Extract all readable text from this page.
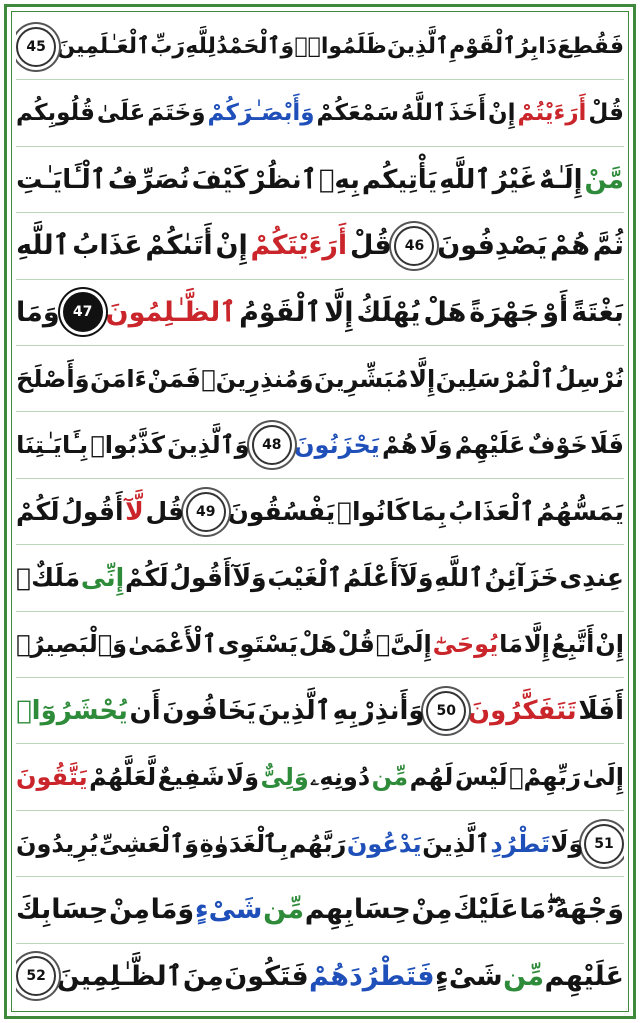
فَقُطِعَ
دَابِرُ
ٱلْقَوْمِ
ٱلَّذِينَ
ظَلَمُوا۟ۚ
وَٱلْحَمْدُ
لِلَّهِ
رَبِّ
ٱلْعَـٰلَمِينَ
45
قُلْ
أَرَءَيْتُمْ
إِنْ
أَخَذَ
ٱللَّهُ
سَمْعَكُمْ
وَأَبْصَـٰرَكُمْ
وَخَتَمَ
عَلَىٰ
قُلُوبِكُم
مَّنْ
إِلَـٰهٌ
غَيْرُ
ٱللَّهِ
يَأْتِيكُم
بِهِۗ
ٱنظُرْ
كَيْفَ
نُصَرِّفُ
ٱلْـَٔايَـٰتِ
ثُمَّ
هُمْ
يَصْدِفُونَ
46
قُلْ
أَرَءَيْتَكُمْ
إِنْ
أَتَىٰكُمْ
عَذَابُ
ٱللَّهِ
بَغْتَةً
أَوْ
جَهْرَةً
هَلْ
يُهْلَكُ
إِلَّا
ٱلْقَوْمُ
ٱلظَّـٰلِمُونَ
47
وَمَا
نُرْسِلُ
ٱلْمُرْسَلِينَ
إِلَّا
مُبَشِّرِينَ
وَمُنذِرِينَۖ
فَمَنْ
ءَامَنَ
وَأَصْلَحَ
فَلَا
خَوْفٌ
عَلَيْهِمْ
وَلَا
هُمْ
يَحْزَنُونَ
48
وَٱلَّذِينَ
كَذَّبُوا۟
بِـَٔايَـٰتِنَا
يَمَسُّهُمُ
ٱلْعَذَابُ
بِمَا
كَانُوا۟
يَفْسُقُونَ
49
قُل
لَّآ
أَقُولُ
لَكُمْ
عِندِى
خَزَآئِنُ
ٱللَّهِ
وَلَآ
أَعْلَمُ
ٱلْغَيْبَ
وَلَآ
أَقُولُ
لَكُمْ
إِنِّى
مَلَكٌۖ
إِنْ
أَتَّبِعُ
إِلَّا
مَا
يُوحَىٰٓ
إِلَىَّۚ
قُلْ
هَلْ
يَسْتَوِى
ٱلْأَعْمَىٰ
وَٱلْبَصِيرُۚ
أَفَلَا
تَتَفَكَّرُونَ
50
وَأَنذِرْ
بِهِ
ٱلَّذِينَ
يَخَافُونَ
أَن
يُحْشَرُوٓا۟
إِلَىٰ
رَبِّهِمْۙ
لَيْسَ
لَهُم
مِّن
دُونِهِۦ
وَلِىٌّ
وَلَا
شَفِيعٌ
لَّعَلَّهُمْ
يَتَّقُونَ
51
وَلَا
تَطْرُدِ
ٱلَّذِينَ
يَدْعُونَ
رَبَّهُم
بِٱلْغَدَوٰةِ
وَٱلْعَشِىِّ
يُرِيدُونَ
وَجْهَهُۥۖ
مَا
عَلَيْكَ
مِنْ
حِسَابِهِم
مِّن
شَىْءٍ
وَمَا
مِنْ
حِسَابِكَ
عَلَيْهِم
مِّن
شَىْءٍ
فَتَطْرُدَهُمْ
فَتَكُونَ
مِنَ
ٱلظَّـٰلِمِينَ
52
